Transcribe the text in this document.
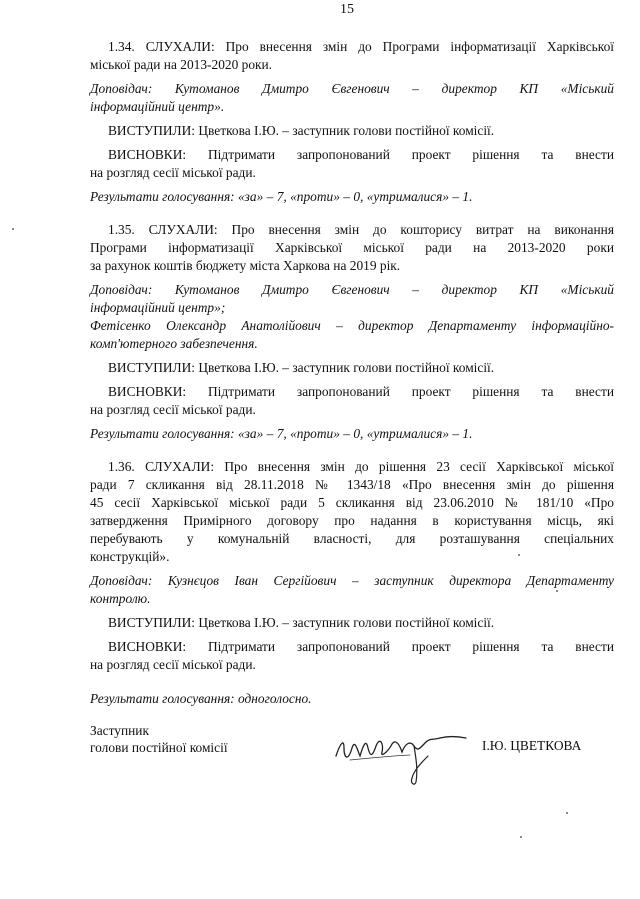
15

1.34. СЛУХАЛИ: Про внесення змін до Програми інформатизації Харківської

міської ради на 2013-2020 роки.

Доповідач: Кутоманов Дмитро Євгенович – директор КП «Міський

інформаційний центр».

ВИСТУПИЛИ: Цветкова І.Ю. – заступник голови постійної комісії.

ВИСНОВКИ: Підтримати запропонований проект рішення та внести

на розгляд сесії міської ради.

Результати голосування: «за» – 7, «проти» – 0, «утрималися» – 1.

1.35. СЛУХАЛИ: Про внесення змін до кошторису витрат на виконання

Програми інформатизації Харківської міської ради на 2013-2020 роки

за рахунок коштів бюджету міста Харкова на 2019 рік.

Доповідач: Кутоманов Дмитро Євгенович – директор КП «Міський

інформаційний центр»;

Фетісенко Олександр Анатолійович – директор Департаменту інформаційно-

комп'ютерного забезпечення.

ВИСТУПИЛИ: Цветкова І.Ю. – заступник голови постійної комісії.

ВИСНОВКИ: Підтримати запропонований проект рішення та внести

на розгляд сесії міської ради.

Результати голосування: «за» – 7, «проти» – 0, «утрималися» – 1.

1.36. СЛУХАЛИ: Про внесення змін до рішення 23 сесії Харківської міської

ради 7 скликання від 28.11.2018 № 1343/18 «Про внесення змін до рішення

45 сесії Харківської міської ради 5 скликання від 23.06.2010 № 181/10 «Про

затвердження Примірного договору про надання в користування місць, які

перебувають у комунальній власності, для розташування спеціальних

конструкцій».

Доповідач: Кузнєцов Іван Сергійович – заступник директора Департаменту

контролю.

ВИСТУПИЛИ: Цветкова І.Ю. – заступник голови постійної комісії.

ВИСНОВКИ: Підтримати запропонований проект рішення та внести

на розгляд сесії міської ради.

Результати голосування: одноголосно.

Заступник
голови постійної комісії	І.Ю. ЦВЕТКОВА
